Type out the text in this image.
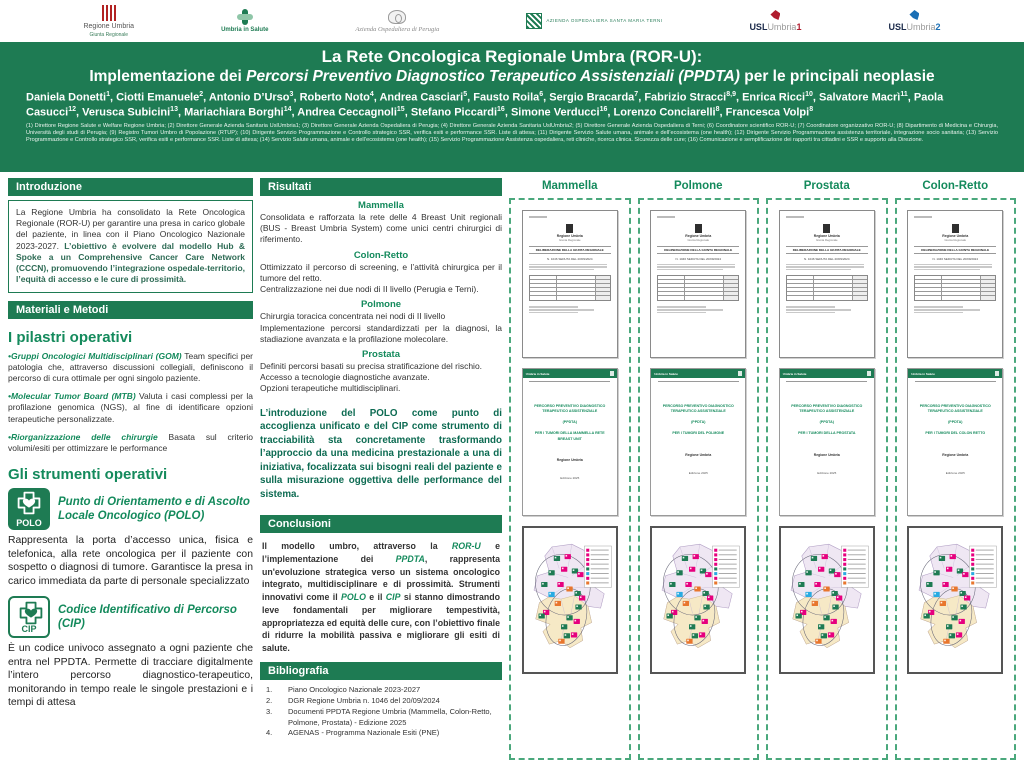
Regione Umbria
Giunta Regionale
Umbria in Salute	Azienda Ospedaliera di Perugia
AZIENDA OSPEDALIERA SANTA MARIA TERNI
USLUmbria1	USLUmbria2
La Rete Oncologica Regionale Umbra (ROR-U):
Implementazione dei Percorsi Preventivo Diagnostico Terapeutico Assistenziali (PPDTA) per le principali neoplasie
Daniela Donetti$^1$, Ciotti Emanuele$^2$, Antonio D’Urso$^3$, Roberto Noto$^4$, Andrea Casciari$^5$, Fausto Roila$^6$, Sergio Bracarda$^7$, Fabrizio Stracci$^{8,9}$, Enrica Ricci$^{10}$, Salvatore Macrì$^{11}$, Paola Casucci$^{12}$, Verusca Subicini$^{13}$, Mariachiara Borghi$^{14}$, Andrea Ceccagnoli$^{15}$, Stefano Piccardi$^{16}$, Simone Verducci$^{16}$, Lorenzo Conciarelli$^8$, Francesca Volpi$^8$
(1) Direttore Regione Salute e Welfare Regione Umbria; (2) Direttore Generale Azienda Sanitaria UslUmbria1; (3) Direttore Generale Azienda Ospedaliera di Perugia; (4) Direttore Generale Azienda Sanitaria UslUmbria2; (5) Direttore Generale Azienda Ospedaliera di Terni; (6) Coordinatore scientifico ROR-U; (7) Coordinatore organizzativo ROR-U; (8) Dipartimento di Medicina e Chirurgia, Università degli studi di Perugia; (9) Registro Tumori Umbro di Popolazione (RTUP); (10) Dirigente Servizio Programmazione e Controllo strategico SSR, verifica esiti e performance SSR. Liste di attesa; (11) Dirigente Servizio Salute umana, animale e dell’ecosistema (one health); (12) Dirigente Servizio Programmazione assistenza territoriale, integrazione socio sanitaria; (13) Servizio Programmazione e Controllo strategico SSR, verifica esiti e performance SSR. Liste di attesa; (14) Servizio Salute umana, animale e dell’ecosistema (one health); (15) Servizio Programmazione Assistenza ospedaliera, reti cliniche, ricerca clinica. Sicurezza delle cure; (16) Comunicazione e semplificazione dei rapporti tra cittadini e SSR e supporto alla Direzione.
Introduzione
La Regione Umbria ha consolidato la Rete Oncologica Regionale (ROR-U) per garantire una presa in carico globale del paziente, in linea con il Piano Oncologico Nazionale 2023-2027. L’obiettivo è evolvere dal modello Hub & Spoke a un Comprehensive Cancer Care Network (CCCN), promuovendo l’integrazione ospedale-territorio, l’equità di accesso e le cure di prossimità.
Materiali e Metodi
I pilastri operativi

•Gruppi Oncologici Multidisciplinari (GOM) Team specifici per patologia che, attraverso discussioni collegiali, definiscono il percorso di cura ottimale per ogni singolo paziente.

•Molecular Tumor Board (MTB) Valuta i casi complessi per la profilazione genomica (NGS), al fine di identificare opzioni terapeutiche personalizzate.

•Riorganizzazione delle chirurgie Basata sul criterio volumi/esiti per ottimizzare le performance

Gli strumenti operativi
POLO
Punto di Orientamento e di Ascolto Locale Oncologico (POLO)

Rappresenta la porta d’accesso unica, fisica e telefonica, alla rete oncologica per il paziente con sospetto o diagnosi di tumore. Garantisce la presa in carico immediata da parte di personale specializzato

CIP
Codice Identificativo di Percorso (CIP)

È un codice univoco assegnato a ogni paziente che entra nel PPDTA. Permette di tracciare digitalmente l’intero percorso diagnostico-terapeutico, monitorando in tempo reale le singole prestazioni e i tempi di attesa

Risultati
Mammella

Consolidata e rafforzata la rete delle 4 Breast Unit regionali (BUS - Breast Umbria System) come unici centri chirurgici di riferimento.

Colon-Retto

Ottimizzato il percorso di screening, e l’attività chirurgica per il tumore del retto.

Centralizzazione nei due nodi di II livello (Perugia e Terni).

Polmone

Chirurgia toracica concentrata nei nodi di II livello

Implementazione percorsi standardizzati per la diagnosi, la stadiazione avanzata e la profilazione molecolare.

Prostata

Definiti percorsi basati su precisa stratificazione del rischio.

Accesso a tecnologie diagnostiche avanzate.

Opzioni terapeutiche multidisciplinari.

L’introduzione del POLO come punto di accoglienza unificato e del CIP come strumento di tracciabilità sta concretamente trasformando l’approccio da una medicina prestazionale a una di iniziativa, focalizzata sui bisogni reali del paziente e sulla misurazione oggettiva delle performance del sistema.
Conclusioni
Il modello umbro, attraverso la ROR-U e l’implementazione dei PPDTA, rappresenta un'evoluzione strategica verso un sistema oncologico integrato, multidisciplinare e di prossimità. Strumenti innovativi come il POLO e il CIP si stanno dimostrando leve fondamentali per migliorare tempestività, appropriatezza ed equità delle cure, con l’obiettivo finale di ridurre la mobilità passiva e migliorare gli esiti di salute.
Bibliografia
1.	Piano Oncologico Nazionale 2023-2027
2.	DGR Regione Umbria n. 1046 del 20/09/2024
3.	Documenti PPDTA Regione Umbria (Mammella, Colon-Retto, Polmone, Prostata) - Edizione 2025
4.	AGENAS - Programma Nazionale Esiti (PNE)
Mammella
Regione Umbria
Giunta Regionale
DELIBERAZIONE DELLA GIUNTA REGIONALE
N. 1046 SEDUTA DEL 20/09/2024
Umbria in Salute
PERCORSO PREVENTIVO DIAGNOSTICO TERAPEUTICO ASSISTENZIALE
(PPDTA)
PER I TUMORI DELLA MAMMELLA RETE BREAST UNIT
Regione Umbria
Edizione 2025
Polmone
Regione Umbria
Giunta Regionale
DELIBERAZIONE DELLA GIUNTA REGIONALE
N. 1046 SEDUTA DEL 20/09/2024
Umbria in Salute
PERCORSO PREVENTIVO DIAGNOSTICO TERAPEUTICO ASSISTENZIALE
(PPDTA)
PER I TUMORI DEL POLMONE
Regione Umbria
Edizione 2025
Prostata
Regione Umbria
Giunta Regionale
DELIBERAZIONE DELLA GIUNTA REGIONALE
N. 1046 SEDUTA DEL 20/09/2024
Umbria in Salute
PERCORSO PREVENTIVO DIAGNOSTICO TERAPEUTICO ASSISTENZIALE
(PPDTA)
PER I TUMORI DELLA PROSTATA
Regione Umbria
Edizione 2025
Colon-Retto
Regione Umbria
Giunta Regionale
DELIBERAZIONE DELLA GIUNTA REGIONALE
N. 1046 SEDUTA DEL 20/09/2024
Umbria in Salute
PERCORSO PREVENTIVO DIAGNOSTICO TERAPEUTICO ASSISTENZIALE
(PPDTA)
PER I TUMORI DEL COLON RETTO
Regione Umbria
Edizione 2025
